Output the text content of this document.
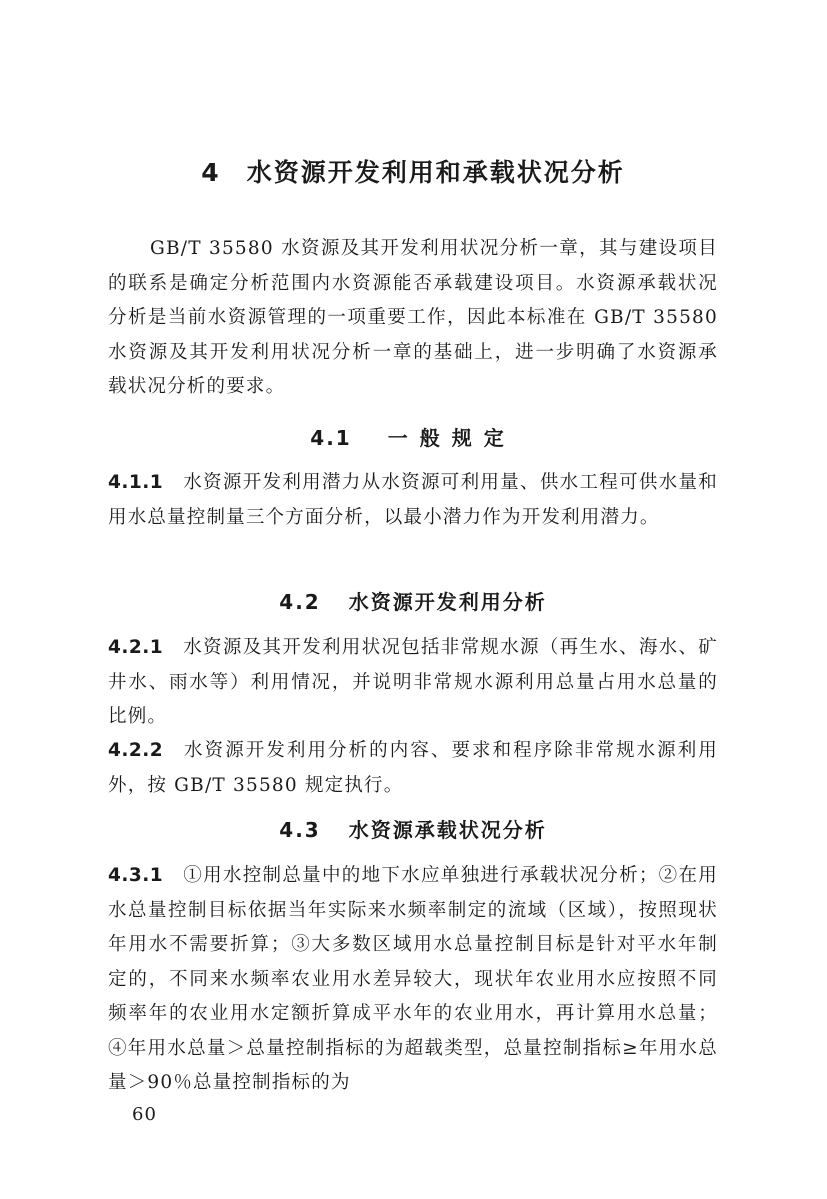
4 水资源开发利用和承载状况分析
GB/T 35580 水资源及其开发利用状况分析一章，其与建设项目的联系是确定分析范围内水资源能否承载建设项目。水资源承载状况分析是当前水资源管理的一项重要工作，因此本标准在 GB/T 35580 水资源及其开发利用状况分析一章的基础上，进一步明确了水资源承载状况分析的要求。
4.1 一般规定
4.1.1 水资源开发利用潜力从水资源可利用量、供水工程可供水量和用水总量控制量三个方面分析，以最小潜力作为开发利用潜力。
4.2 水资源开发利用分析
4.2.1 水资源及其开发利用状况包括非常规水源（再生水、海水、矿井水、雨水等）利用情况，并说明非常规水源利用总量占用水总量的比例。
4.2.2 水资源开发利用分析的内容、要求和程序除非常规水源利用外，按 GB/T 35580 规定执行。
4.3 水资源承载状况分析
4.3.1 ①用水控制总量中的地下水应单独进行承载状况分析；②在用水总量控制目标依据当年实际来水频率制定的流域（区域），按照现状年用水不需要折算；③大多数区域用水总量控制目标是针对平水年制定的，不同来水频率农业用水差异较大，现状年农业用水应按照不同频率年的农业用水定额折算成平水年的农业用水，再计算用水总量；④年用水总量＞总量控制指标的为超载类型，总量控制指标≥年用水总量＞90％总量控制指标的为
60
